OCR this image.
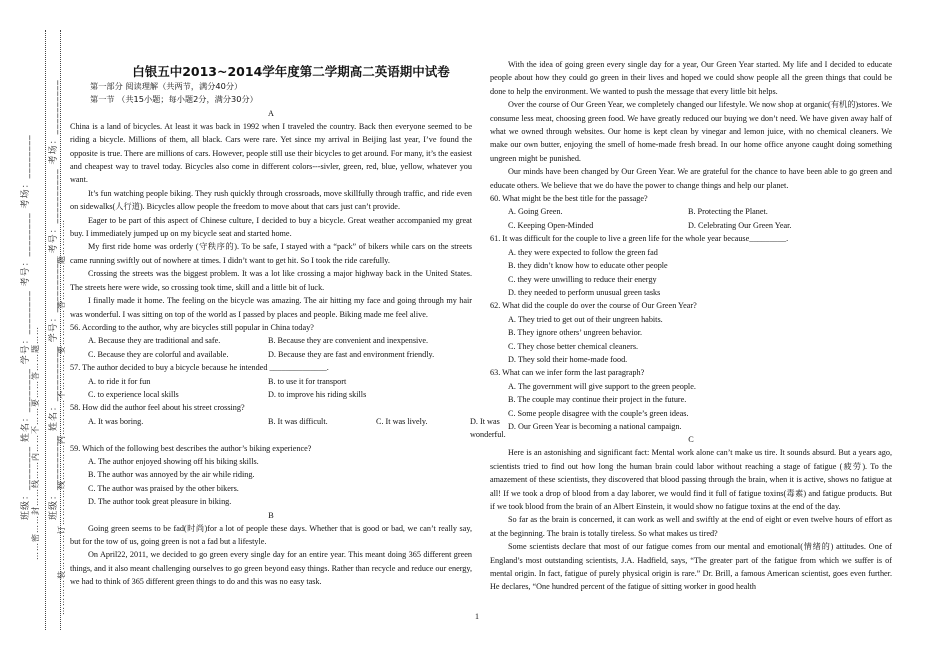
班级：__________ 姓名：__________ 学号：__________ 考号：__________ 考场：__________
班级：________ 姓名：________ 学号：________ 考号：________ 考场：________
…………装…………订…………线…………内…………不…………要…………答…………题…………
……密……封……线……内……不……要……答……题……
白银五中2013~2014学年度第二学期高二英语期中试卷
第一部分 阅读理解（共两节，满分40分）
第一节 （共15小题；每小题2分，满分30分）
A

China is a land of bicycles. At least it was back in 1992 when I traveled the country. Back then everyone seemed to be riding a bicycle. Millions of them, all black. Cars were rare. Yet since my arrival in Beijing last year, I’ve found the opposite is true. There are millions of cars. However, people still use their bicycles to get around. For many, it’s the easiest and cheapest way to travel today. Bicycles also come in different colors---sivler, green, red, blue, yellow, whatever you want.

It’s fun watching people biking. They rush quickly through crossroads, move skillfully through traffic, and ride even on sidewalks(人行道). Bicycles allow people the freedom to move about that cars just can’t provide.

Eager to be part of this aspect of Chinese culture, I decided to buy a bicycle. Great weather accompanied my great buy. I immediately jumped up on my bicycle seat and started home.

My first ride home was orderly (守秩序的). To be safe, I stayed with a “pack” of bikers while cars on the streets came running swiftly out of nowhere at times. I didn’t want to get hit. So I took the ride carefully.

Crossing the streets was the biggest problem. It was a lot like crossing a major highway back in the United States. The streets here were wide, so crossing took time, skill and a little bit of luck.

I finally made it home. The feeling on the bicycle was amazing. The air hitting my face and going through my hair was wonderful. I was sitting on top of the world as I passed by places and people. Biking made me feel alive.

56. According to the author, why are bicycles still popular in China today?
A. Because they are traditional and safe.	B. Because they are convenient and inexpensive.
C. Because they are colorful and available.	D. Because they are fast and environment friendly.
57. The author decided to buy a bicycle because he intended ______________.
A. to ride it for fun	B. to use it for transport
C. to experience local skills	D. to improve his riding skills
58. How did the author feel about his street crossing?
A. It was boring.	B. It was difficult.	C. It was lively.	D. It was wonderful.
59. Which of the following best describes the author’s biking experience?
A. The author enjoyed showing off his biking skills.
B. The author was annoyed by the air while riding.
C. The author was praised by the other bikers.
D. The author took great pleasure in biking.
B

Going green seems to be fad(时尚)for a lot of people these days. Whether that is good or bad, we can’t really say, but for the tow of us, going green is not a fad but a lifestyle.

On April22, 2011, we decided to go green every single day for an entire year. This meant doing 365 different green things, and it also meant challenging ourselves to go green beyond easy things. Rather than recycle and reduce our energy, we had to think of 365 different green things to do and this was no easy task.

With the idea of going green every single day for a year, Our Green Year started. My life and I decided to educate people about how they could go green in their lives and hoped we could show people all the green things that could be done to help the environment. We wanted to push the message that every little bit helps.

Over the course of Our Green Year, we completely changed our lifestyle. We now shop at organic(有机的)stores. We consume less meat, choosing green food. We have greatly reduced our buying we don’t need. We have given away half of what we owned through websites. Our home is kept clean by vinegar and lemon juice, with no chemical cleaners. We make our own butter, enjoying the smell of home-made fresh bread. In our home office anyone caught doing something ungreen might be punished.

Our minds have been changed by Our Green Year. We are grateful for the chance to have been able to go green and educate others. We believe that we do have the power to change things and help our planet.

60. What might be the best title for the passage?
A. Going Green.	B. Protecting the Planet.
C. Keeping Open-Minded	D. Celebrating Our Green Year.
61. It was difficult for the couple to live a green life for the whole year because_________.
A. they were expected to follow the green fad
B. they didn’t know how to educate other people
C. they were unwilling to reduce their energy
D. they needed to perform unusual green tasks
62. What did the couple do over the course of Our Green Year?
A. They tried to get out of their ungreen habits.
B. They ignore others’ ungreen behavior.
C. They chose better chemical cleaners.
D. They sold their home-made food.
63. What can we infer form the last paragraph?
A. The government will give support to the green people.
B. The couple may continue their project in the future.
C. Some people disagree with the couple’s green ideas.
D. Our Green Year is becoming a national campaign.
C

Here is an astonishing and significant fact: Mental work alone can’t make us tire. It sounds absurd. But a years ago, scientists tried to find out how long the human brain could labor without reaching a stage of fatigue (疲劳). To the amazement of these scientists, they discovered that blood passing through the brain, when it is active, shows no fatigue at all! If we took a drop of blood from a day laborer, we would find it full of fatigue toxins(毒素) and fatigue products. But if we took blood from the brain of an Albert Einstein, it would show no fatigue toxins at the end of the day.

So far as the brain is concerned, it can work as well and swiftly at the end of eight or even twelve hours of effort as at the beginning. The brain is totally tireless. So what makes us tired?

Some scientists declare that most of our fatigue comes from our mental and emotional(情绪的) attitudes. One of England’s most outstanding scientists, J.A. Hadfield, says, “The greater part of the fatigue from which we suffer is of mental origin. In fact, fatigue of purely physical origin is rare.” Dr. Brill, a famous American scientist, goes even further. He declares, “One hundred percent of the fatigue of sitting worker in good health

1
